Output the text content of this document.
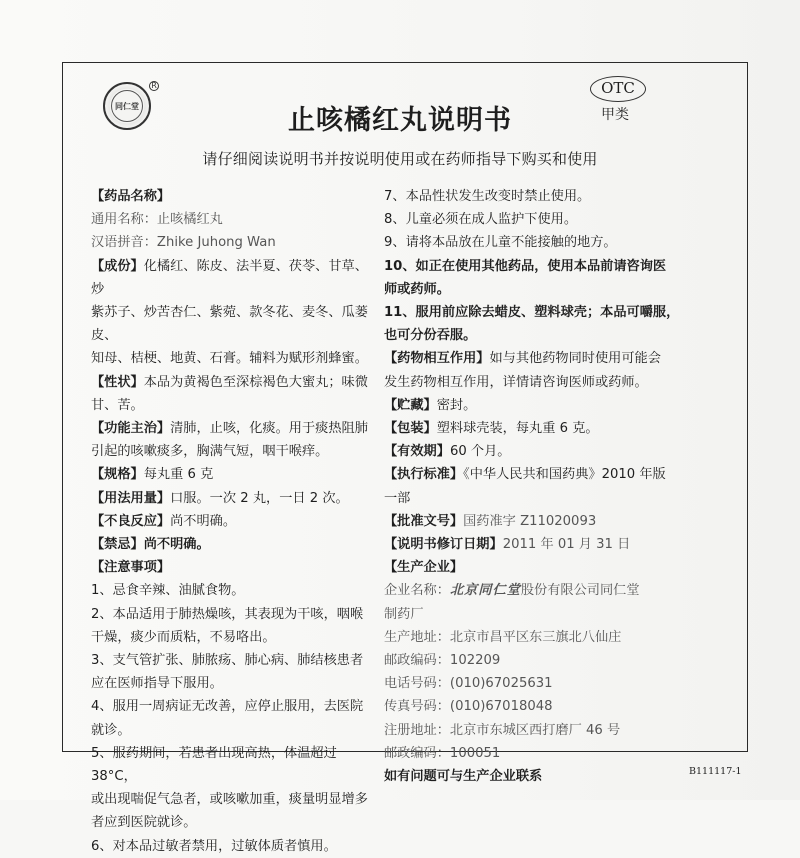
同仁堂
R	OTC
甲类
止咳橘红丸说明书
请仔细阅读说明书并按说明使用或在药师指导下购买和使用

【药品名称】

通用名称：止咳橘红丸

汉语拼音：Zhike Juhong Wan

【成份】化橘红、陈皮、法半夏、茯苓、甘草、炒

紫苏子、炒苦杏仁、紫菀、款冬花、麦冬、瓜蒌皮、

知母、桔梗、地黄、石膏。辅料为赋形剂蜂蜜。

【性状】本品为黄褐色至深棕褐色大蜜丸；味微

甘、苦。

【功能主治】清肺，止咳，化痰。用于痰热阻肺

引起的咳嗽痰多，胸满气短，咽干喉痒。

【规格】每丸重 6 克

【用法用量】口服。一次 2 丸，一日 2 次。

【不良反应】尚不明确。

【禁忌】尚不明确。

【注意事项】

1、忌食辛辣、油腻食物。

2、本品适用于肺热燥咳，其表现为干咳，咽喉

干燥，痰少而质粘，不易咯出。

3、支气管扩张、肺脓疡、肺心病、肺结核患者

应在医师指导下服用。

4、服用一周病证无改善，应停止服用，去医院

就诊。

5、服药期间，若患者出现高热，体温超过 38°C，

或出现喘促气急者，或咳嗽加重，痰量明显增多

者应到医院就诊。

6、对本品过敏者禁用，过敏体质者慎用。

7、本品性状发生改变时禁止使用。

8、儿童必须在成人监护下使用。

9、请将本品放在儿童不能接触的地方。

10、如正在使用其他药品，使用本品前请咨询医

师或药师。

11、服用前应除去蜡皮、塑料球壳；本品可嚼服，

也可分份吞服。

【药物相互作用】如与其他药物同时使用可能会

发生药物相互作用，详情请咨询医师或药师。

【贮藏】密封。

【包装】塑料球壳装，每丸重 6 克。

【有效期】60 个月。

【执行标准】《中华人民共和国药典》2010 年版

一部

【批准文号】国药准字 Z11020093

【说明书修订日期】2011 年 01 月 31 日

【生产企业】

企业名称：北京同仁堂股份有限公司同仁堂

制药厂

生产地址：北京市昌平区东三旗北八仙庄

邮政编码：102209

电话号码：(010)67025631

传真号码：(010)67018048

注册地址：北京市东城区西打磨厂 46 号

邮政编码：100051

如有问题可与生产企业联系	B111117-1
